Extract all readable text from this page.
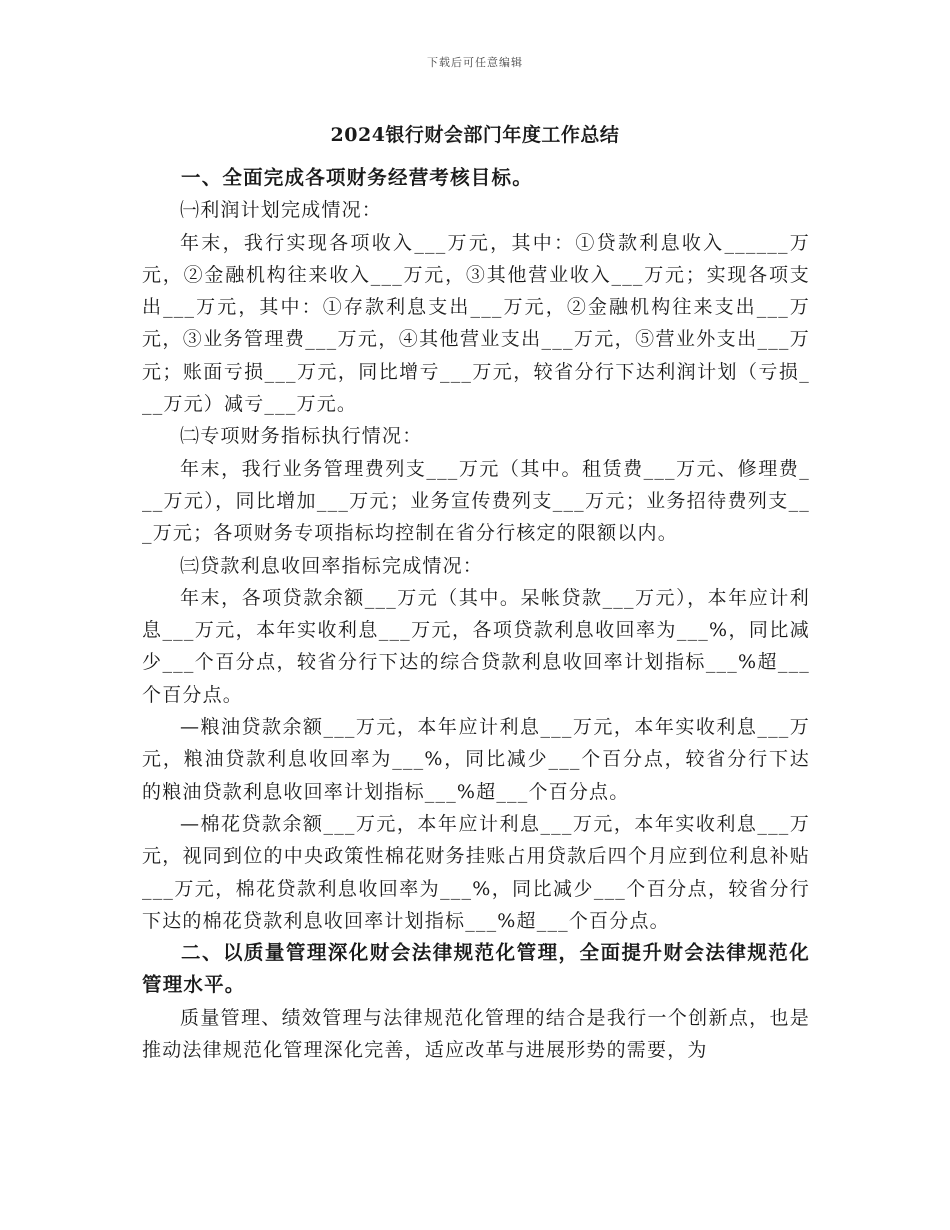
下载后可任意编辑
2024银行财会部门年度工作总结

一、全面完成各项财务经营考核目标。

㈠利润计划完成情况：

年末，我行实现各项收入___万元，其中：①贷款利息收入______万元，②金融机构往来收入___万元，③其他营业收入___万元；实现各项支出___万元，其中：①存款利息支出___万元，②金融机构往来支出___万元，③业务管理费___万元，④其他营业支出___万元，⑤营业外支出___万元；账面亏损___万元，同比增亏___万元，较省分行下达利润计划（亏损___万元）减亏___万元。

㈡专项财务指标执行情况：

年末，我行业务管理费列支___万元（其中。租赁费___万元、修理费___万元），同比增加___万元；业务宣传费列支___万元；业务招待费列支___万元；各项财务专项指标均控制在省分行核定的限额以内。

㈢贷款利息收回率指标完成情况：

年末，各项贷款余额___万元（其中。呆帐贷款___万元），本年应计利息___万元，本年实收利息___万元，各项贷款利息收回率为___%，同比减少___个百分点，较省分行下达的综合贷款利息收回率计划指标___%超___个百分点。

—粮油贷款余额___万元，本年应计利息___万元，本年实收利息___万元，粮油贷款利息收回率为___%，同比减少___个百分点，较省分行下达的粮油贷款利息收回率计划指标___%超___个百分点。

—棉花贷款余额___万元，本年应计利息___万元，本年实收利息___万元，视同到位的中央政策性棉花财务挂账占用贷款后四个月应到位利息补贴___万元，棉花贷款利息收回率为___%，同比减少___个百分点，较省分行下达的棉花贷款利息收回率计划指标___%超___个百分点。

二、以质量管理深化财会法律规范化管理，全面提升财会法律规范化管理水平。

质量管理、绩效管理与法律规范化管理的结合是我行一个创新点，也是推动法律规范化管理深化完善，适应改革与进展形势的需要，为
